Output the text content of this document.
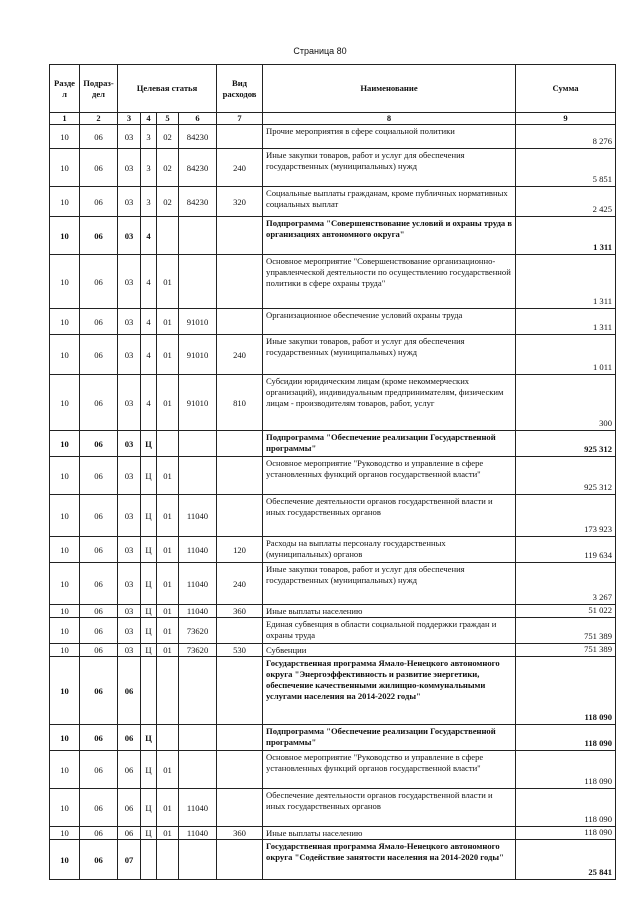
Страница 80
Разде л	Подраз- дел	Целевая статья				Вид расходов	Наименование	Сумма
1	2	3	4	5	6	7	8	9
10	06	03	3	02	84230		Прочие мероприятия в сфере социальной политики	8 276
10	06	03	3	02	84230	240	Иные закупки товаров, работ и услуг для обеспечения государственных (муниципальных) нужд	5 851
10	06	03	3	02	84230	320	Социальные выплаты гражданам, кроме публичных нормативных социальных выплат	2 425
10	06	03	4				Подпрограмма "Совершенствование условий и охраны труда в организациях автономного округа"	1 311
10	06	03	4	01			Основное мероприятие "Совершенствование организационно-управленческой деятельности по осуществлению государственной политики в сфере охраны труда"	1 311
10	06	03	4	01	91010		Организационное обеспечение условий охраны труда	1 311
10	06	03	4	01	91010	240	Иные закупки товаров, работ и услуг для обеспечения государственных (муниципальных) нужд	1 011
10	06	03	4	01	91010	810	Субсидии юридическим лицам (кроме некоммерческих организаций), индивидуальным предпринимателям, физическим лицам - производителям товаров, работ, услуг	300
10	06	03	Ц				Подпрограмма "Обеспечение реализации Государственной программы"	925 312
10	06	03	Ц	01			Основное мероприятие "Руководство и управление в сфере установленных функций органов государственной власти"	925 312
10	06	03	Ц	01	11040		Обеспечение деятельности органов государственной власти и иных государственных органов	173 923
10	06	03	Ц	01	11040	120	Расходы на выплаты персоналу государственных (муниципальных) органов	119 634
10	06	03	Ц	01	11040	240	Иные закупки товаров, работ и услуг для обеспечения государственных (муниципальных) нужд	3 267
10	06	03	Ц	01	11040	360	Иные выплаты населению	51 022
10	06	03	Ц	01	73620		Единая субвенция в области социальной поддержки граждан и охраны труда	751 389
10	06	03	Ц	01	73620	530	Субвенции	751 389
10	06	06					Государственная программа Ямало-Ненецкого автономного округа "Энергоэффективность и развитие энергетики, обеспечение качественными жилищно-коммунальными услугами населения на 2014-2022 годы"	118 090
10	06	06	Ц				Подпрограмма "Обеспечение реализации Государственной программы"	118 090
10	06	06	Ц	01			Основное мероприятие "Руководство и управление в сфере установленных функций органов государственной власти"	118 090
10	06	06	Ц	01	11040		Обеспечение деятельности органов государственной власти и иных государственных органов	118 090
10	06	06	Ц	01	11040	360	Иные выплаты населению	118 090
10	06	07					Государственная программа Ямало-Ненецкого автономного округа "Содействие занятости населения на 2014-2020 годы"	25 841
